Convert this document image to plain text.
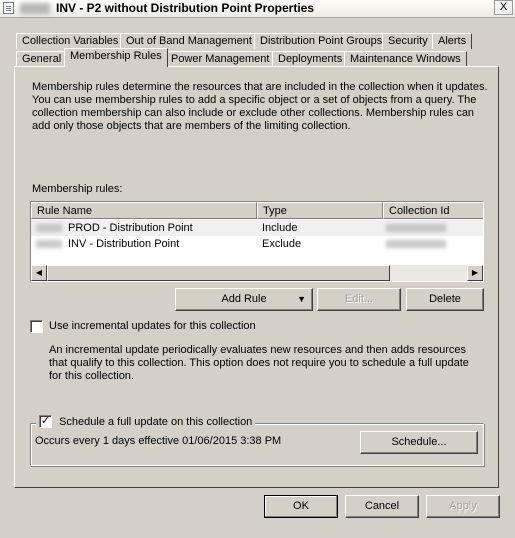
INV - P2 without Distribution Point Properties	X
Collection Variables Out of Band Management Distribution Point Groups Security Alerts
General Membership Rules Power Management Deployments Maintenance Windows
Membership rules determine the resources that are included in the collection when it updates. You can use membership rules to add a specific object or a set of objects from a query. The collection membership can also include or exclude other collections. Membership rules can add only those objects that are members of the limiting collection.
Membership rules:
Rule Name	Type	Collection Id
PROD - Distribution Point	Include
INV - Distribution Point	Exclude
◀	▶
Add Rule	▼	Edit...	Delete
Use incremental updates for this collection
An incremental update periodically evaluates new resources and then adds resources that qualify to this collection. This option does not require you to schedule a full update for this collection.
✓ Schedule a full update on this collection
Occurs every 1 days effective 01/06/2015 3:38 PM	Schedule...
OK	Cancel	Apply
